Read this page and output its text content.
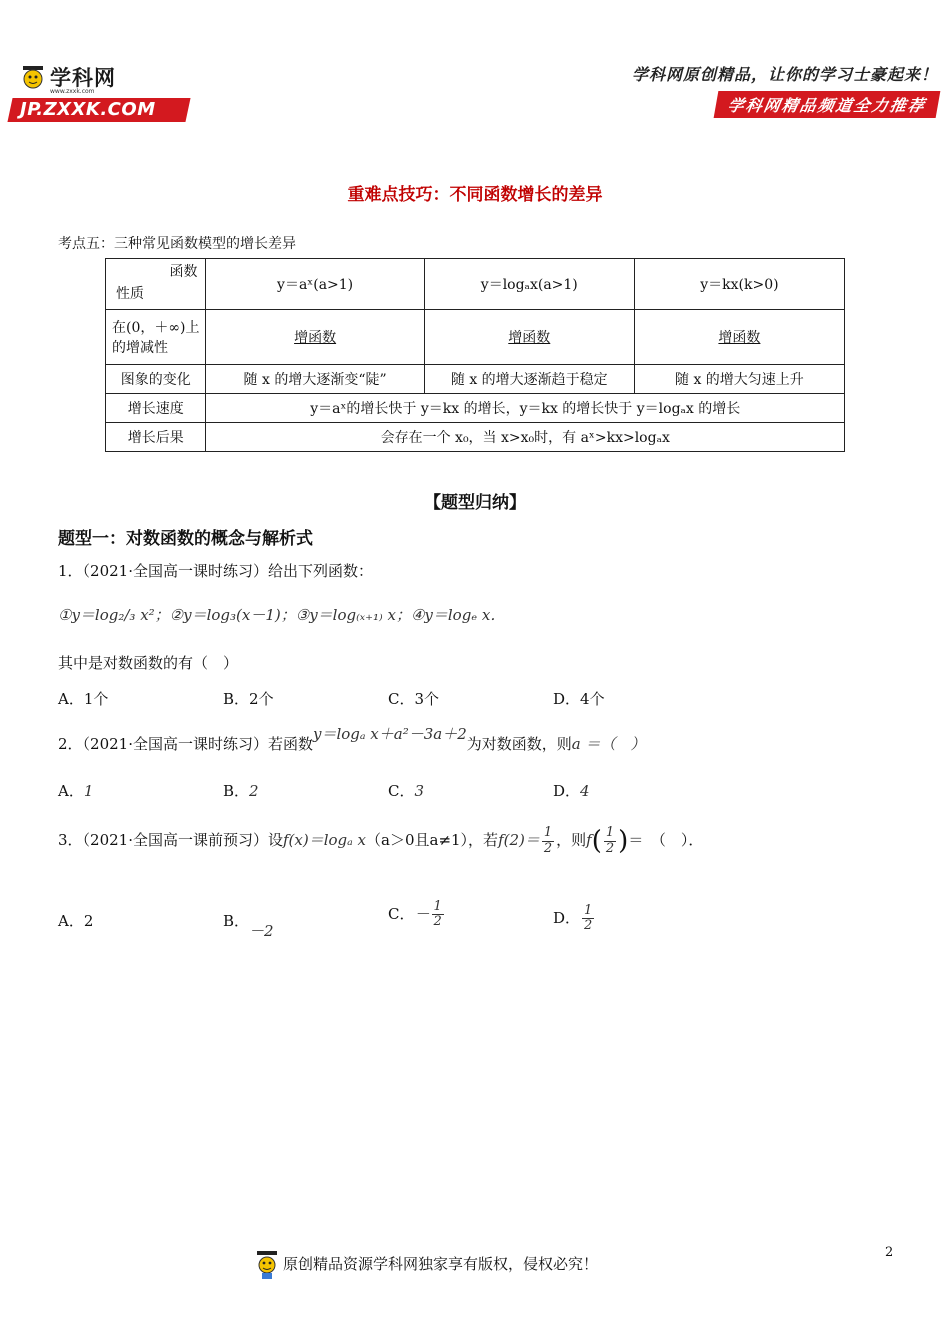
学科网
www.zxxk.com
JP.ZXXK.COM
学科网原创精品，让你的学习士豪起来！
学科网精品频道全力推荐
重难点技巧：不同函数增长的差异
考点五：三种常见函数模型的增长差异
函数
性质	y＝aˣ(a>1)	y＝logₐx(a>1)	y＝kx(k>0)
在(0，＋∞)上的增减性	增函数	增函数	增函数
图象的变化	随 x 的增大逐渐变“陡”	随 x 的增大逐渐趋于稳定	随 x 的增大匀速上升
增长速度	y＝aˣ的增长快于 y＝kx 的增长，y＝kx 的增长快于 y＝logₐx 的增长		
增长后果	会存在一个 x₀，当 x>x₀时，有 aˣ>kx>logₐx		
【题型归纳】
题型一：对数函数的概念与解析式
1．（2021·全国高一课时练习）给出下列函数：
①y＝log₂/₃ x²；②y＝log₃(x－1)；③y＝log₍ₓ₊₁₎ x；④y＝logₑ x．
其中是对数函数的有（　）
A．1个	B．2个	C．3个	D．4个
2．（2021·全国高一课时练习）若函数y＝logₐ x＋a²－3a＋2为对数函数，则a ＝（　）
A．1	B．2	C．3	D．4
3．（2021·全国高一课前预习）设f(x)＝logₐ x（a＞0且a≠1），若$f(2)= \frac{1}{2}$ ，则$f( \frac{1}{2}$ )＝　（　）．
A．2	B．－2
C．－ $\frac{1}{2}$	D． $\frac{1}{2}$
原创精品资源学科网独家享有版权，侵权必究！
2
